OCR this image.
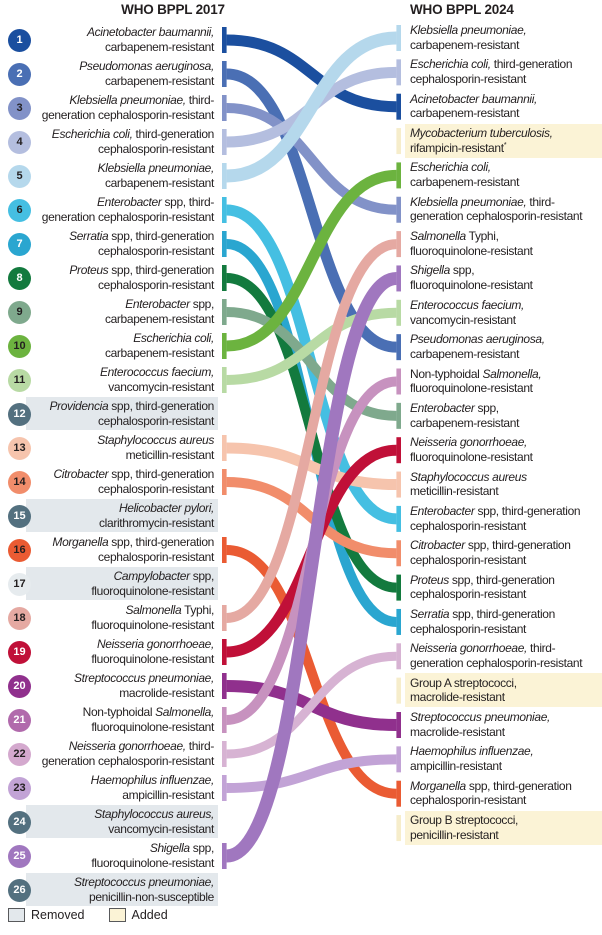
WHO BPPL 2017	WHO BPPL 2024
1
Acinetobacter baumannii,
carbapenem-resistant
2
Pseudomonas aeruginosa,
carbapenem-resistant
3
Klebsiella pneumoniae, third-
generation cephalosporin-resistant
4
Escherichia coli, third-generation
cephalosporin-resistant
5
Klebsiella pneumoniae,
carbapenem-resistant
6
Enterobacter spp, third-
generation cephalosporin-resistant
7
Serratia spp, third-generation
cephalosporin-resistant
8
Proteus spp, third-generation
cephalosporin-resistant
9
Enterobacter spp,
carbapenem-resistant
10
Escherichia coli,
carbapenem-resistant
11
Enterococcus faecium,
vancomycin-resistant
12
Providencia spp, third-generation
cephalosporin-resistant
13
Staphylococcus aureus
meticillin-resistant
14
Citrobacter spp, third-generation
cephalosporin-resistant
15
Helicobacter pylori,
clarithromycin-resistant
16
Morganella spp, third-generation
cephalosporin-resistant
17
Campylobacter spp,
fluoroquinolone-resistant
18
Salmonella Typhi,
fluoroquinolone-resistant
19
Neisseria gonorrhoeae,
fluoroquinolone-resistant
20
Streptococcus pneumoniae,
macrolide-resistant
21
Non-typhoidal Salmonella,
fluoroquinolone-resistant
22
Neisseria gonorrhoeae, third-
generation cephalosporin-resistant
23
Haemophilus influenzae,
ampicillin-resistant
24
Staphylococcus aureus,
vancomycin-resistant
25
Shigella spp,
fluoroquinolone-resistant
26
Streptococcus pneumoniae,
penicillin-non-susceptible
Klebsiella pneumoniae,
carbapenem-resistant
Escherichia coli, third-generation
cephalosporin-resistant
Acinetobacter baumannii,
carbapenem-resistant
Mycobacterium tuberculosis,
rifampicin-resistant*
Escherichia coli,
carbapenem-resistant
Klebsiella pneumoniae, third-
generation cephalosporin-resistant
Salmonella Typhi,
fluoroquinolone-resistant
Shigella spp,
fluoroquinolone-resistant
Enterococcus faecium,
vancomycin-resistant
Pseudomonas aeruginosa,
carbapenem-resistant
Non-typhoidal Salmonella,
fluoroquinolone-resistant
Enterobacter spp,
carbapenem-resistant
Neisseria gonorrhoeae,
fluoroquinolone-resistant
Staphylococcus aureus
meticillin-resistant
Enterobacter spp, third-generation
cephalosporin-resistant
Citrobacter spp, third-generation
cephalosporin-resistant
Proteus spp, third-generation
cephalosporin-resistant
Serratia spp, third-generation
cephalosporin-resistant
Neisseria gonorrhoeae, third-
generation cephalosporin-resistant
Group A streptococci,
macrolide-resistant
Streptococcus pneumoniae,
macrolide-resistant
Haemophilus influenzae,
ampicillin-resistant
Morganella spp, third-generation
cephalosporin-resistant
Group B streptococci,
penicillin-resistant
Removed	Added
